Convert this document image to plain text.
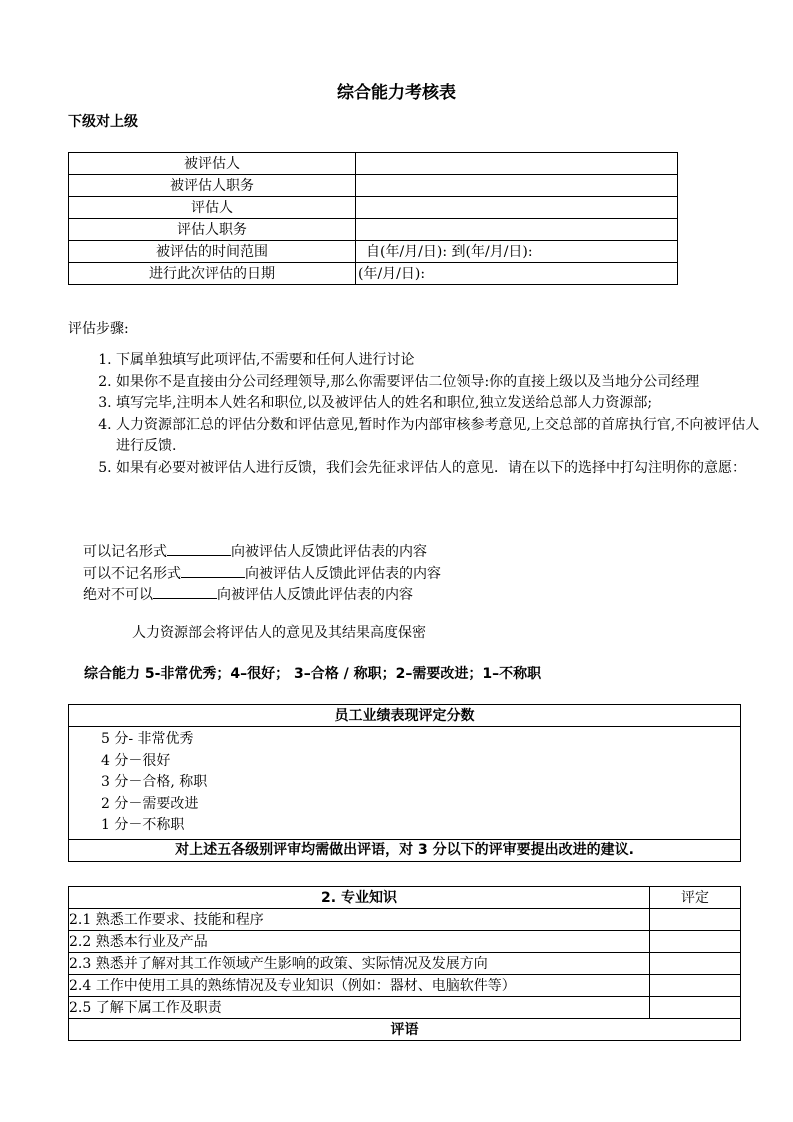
综合能力考核表
下级对上级
被评估人	
被评估人职务	
评估人	
评估人职务	
被评估的时间范围	自(年/月/日): 到(年/月/日):
进行此次评估的日期	(年/月/日):
评估步骤:
1. 下属单独填写此项评估,不需要和任何人进行讨论
2. 如果你不是直接由分公司经理领导,那么你需要评估二位领导:你的直接上级以及当地分公司经理
3. 填写完毕,注明本人姓名和职位,以及被评估人的姓名和职位,独立发送给总部人力资源部;
4. 人力资源部汇总的评估分数和评估意见,暂时作为内部审核参考意见,上交总部的首席执行官,不向被评估人进行反馈.
5. 如果有必要对被评估人进行反馈，我们会先征求评估人的意见．请在以下的选择中打勾注明你的意愿：
可以记名形式	向被评估人反馈此评估表的内容
可以不记名形式	向被评估人反馈此评估表的内容
绝对不可以	向被评估人反馈此评估表的内容
人力资源部会将评估人的意见及其结果高度保密
综合能力 5-非常优秀；4–很好； 3–合格 / 称职；2–需要改进；1–不称职
员工业绩表现评定分数

5 分- 非常优秀
4 分－很好
3 分－合格, 称职
2 分－需要改进
1 分－不称职

对上述五各级别评审均需做出评语，对 3 分以下的评审要提出改进的建议.
2. 专业知识	评定
2.1 熟悉工作要求、技能和程序	
2.2 熟悉本行业及产品	
2.3 熟悉并了解对其工作领域产生影响的政策、实际情况及发展方向	
2.4 工作中使用工具的熟练情况及专业知识（例如：器材、电脑软件等）	
2.5 了解下属工作及职责	
评语	
